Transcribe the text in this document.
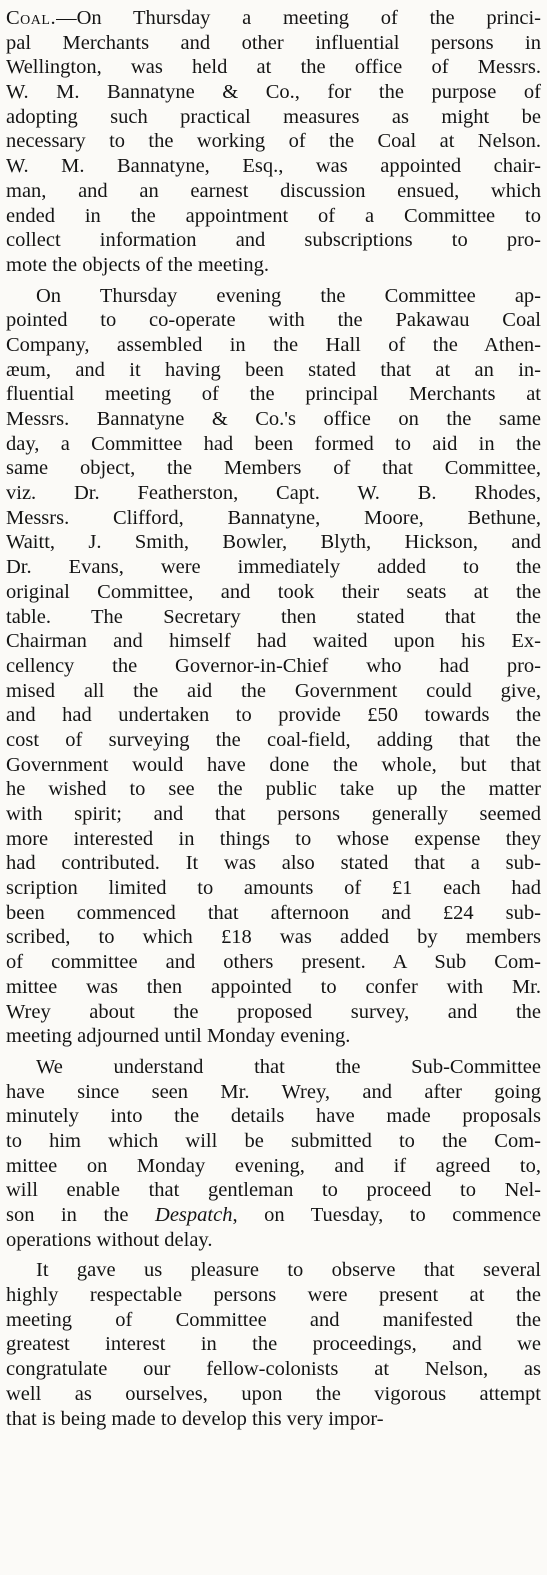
Coal.—On Thursday a meeting of the princi-
pal Merchants and other influential persons in
Wellington, was held at the office of Messrs.
W. M. Bannatyne & Co., for the purpose of
adopting such practical measures as might be
necessary to the working of the Coal at Nelson.
W. M. Bannatyne, Esq., was appointed chair-
man, and an earnest discussion ensued, which
ended in the appointment of a Committee to
collect information and subscriptions to pro-
mote the objects of the meeting.
On Thursday evening the Committee ap-
pointed to co-operate with the Pakawau Coal
Company, assembled in the Hall of the Athen-
æum, and it having been stated that at an in-
fluential meeting of the principal Merchants at
Messrs. Bannatyne & Co.'s office on the same
day, a Committee had been formed to aid in the
same object, the Members of that Committee,
viz. Dr. Featherston, Capt. W. B. Rhodes,
Messrs. Clifford, Bannatyne, Moore, Bethune,
Waitt, J. Smith, Bowler, Blyth, Hickson, and
Dr. Evans, were immediately added to the
original Committee, and took their seats at the
table. The Secretary then stated that the
Chairman and himself had waited upon his Ex-
cellency the Governor-in-Chief who had pro-
mised all the aid the Government could give,
and had undertaken to provide £50 towards the
cost of surveying the coal-field, adding that the
Government would have done the whole, but that
he wished to see the public take up the matter
with spirit; and that persons generally seemed
more interested in things to whose expense they
had contributed. It was also stated that a sub-
scription limited to amounts of £1 each had
been commenced that afternoon and £24 sub-
scribed, to which £18 was added by members
of committee and others present. A Sub Com-
mittee was then appointed to confer with Mr.
Wrey about the proposed survey, and the
meeting adjourned until Monday evening.
We understand that the Sub-Committee
have since seen Mr. Wrey, and after going
minutely into the details have made proposals
to him which will be submitted to the Com-
mittee on Monday evening, and if agreed to,
will enable that gentleman to proceed to Nel-
son in the Despatch, on Tuesday, to commence
operations without delay.
It gave us pleasure to observe that several
highly respectable persons were present at the
meeting of Committee and manifested the
greatest interest in the proceedings, and we
congratulate our fellow-colonists at Nelson, as
well as ourselves, upon the vigorous attempt
that is being made to develop this very impor-
